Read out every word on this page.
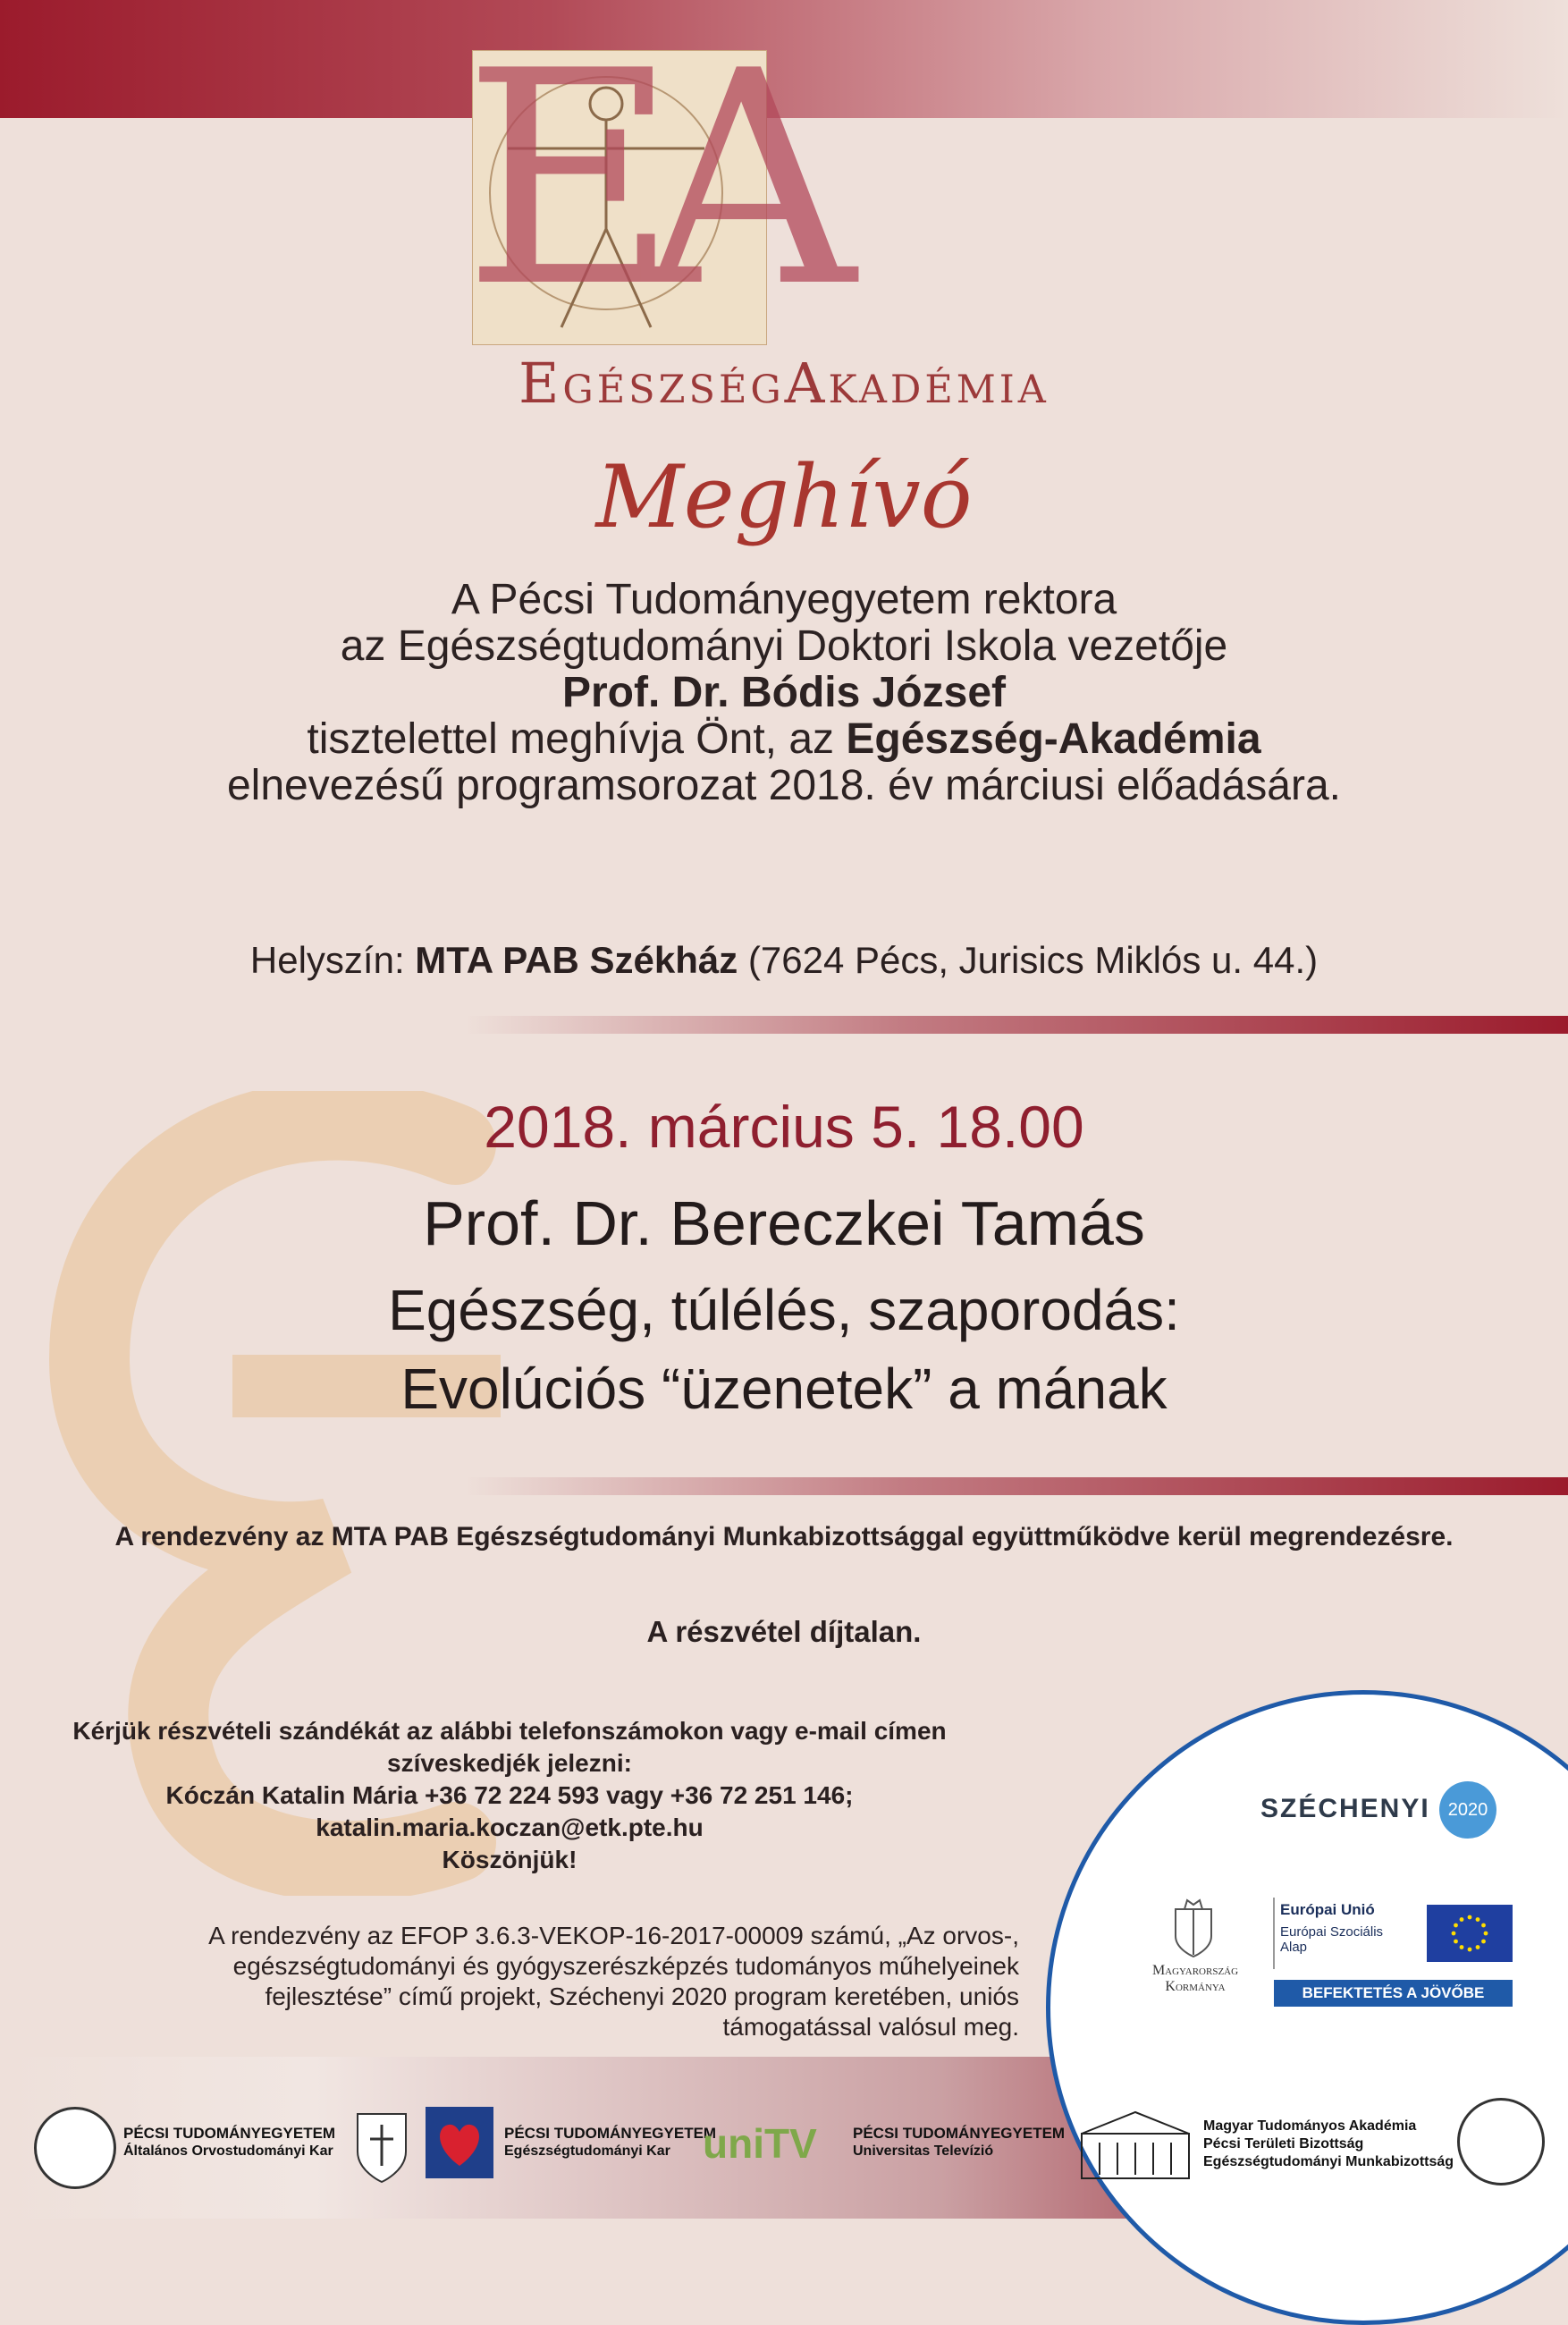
EA
EgészségAkadémia
Meghívó
A Pécsi Tudományegyetem rektora
az Egészségtudományi Doktori Iskola vezetője
Prof. Dr. Bódis József
tisztelettel meghívja Önt, az Egészség-Akadémia
elnevezésű programsorozat 2018. év márciusi előadására.
Helyszín: MTA PAB Székház (7624 Pécs, Jurisics Miklós u. 44.)
2018. március 5. 18.00
Prof. Dr. Bereczkei Tamás
Egészség, túlélés, szaporodás:
Evolúciós “üzenetek” a mának
A rendezvény az MTA PAB Egészségtudományi Munkabizottsággal együttműködve kerül megrendezésre.
A részvétel díjtalan.
Kérjük részvételi szándékát az alábbi telefonszámokon vagy e-mail címen
szíveskedjék jelezni:
Kóczán Katalin Mária +36 72 224 593 vagy +36 72 251 146;
katalin.maria.koczan@etk.pte.hu
Köszönjük!
A rendezvény az EFOP 3.6.3-VEKOP-16-2017-00009 számú, „Az orvos-,
egészségtudományi és gyógyszerészképzés tudományos műhelyeinek
fejlesztése” című projekt, Széchenyi 2020 program keretében, uniós
támogatással valósul meg.
SZÉCHENYI	2020
Magyarország
Kormánya
Európai Unió
Európai Szociális
Alap
BEFEKTETÉS A JÖVŐBE
PÉCSI TUDOMÁNYEGYETEM
Általános Orvostudományi Kar
PÉCSI TUDOMÁNYEGYETEM
Egészségtudományi Kar uniTV PÉCSI TUDOMÁNYEGYETEM
Universitas Televízió
Magyar Tudományos Akadémia
Pécsi Területi Bizottság
Egészségtudományi Munkabizottság
